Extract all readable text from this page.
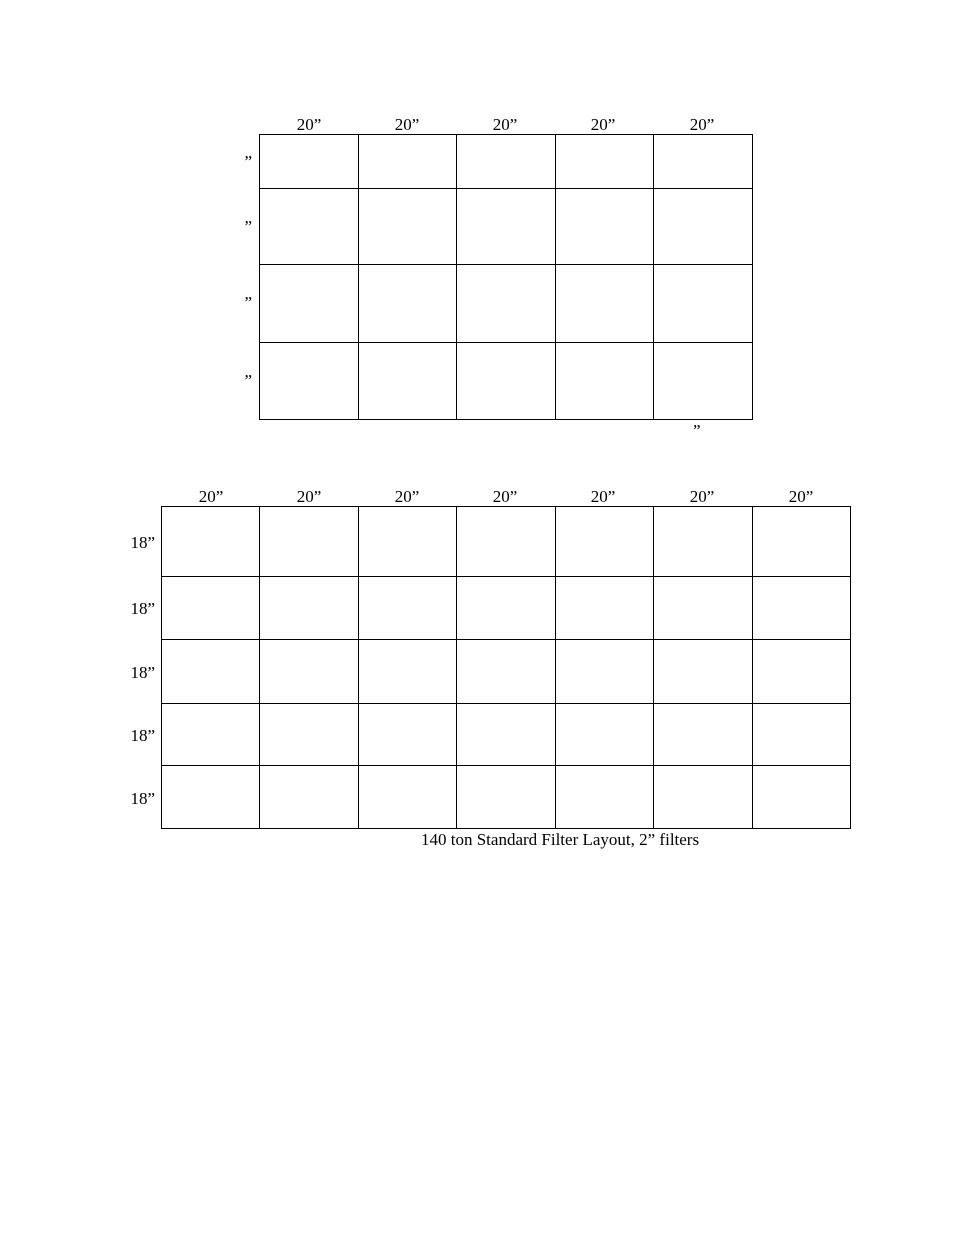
20”	20”	20”	20”	20”
”
”
”
”

”
20”	20”	20”	20”	20”	20”	20”
18”
18”
18”
18”
18”

140 ton Standard Filter Layout, 2” filters
